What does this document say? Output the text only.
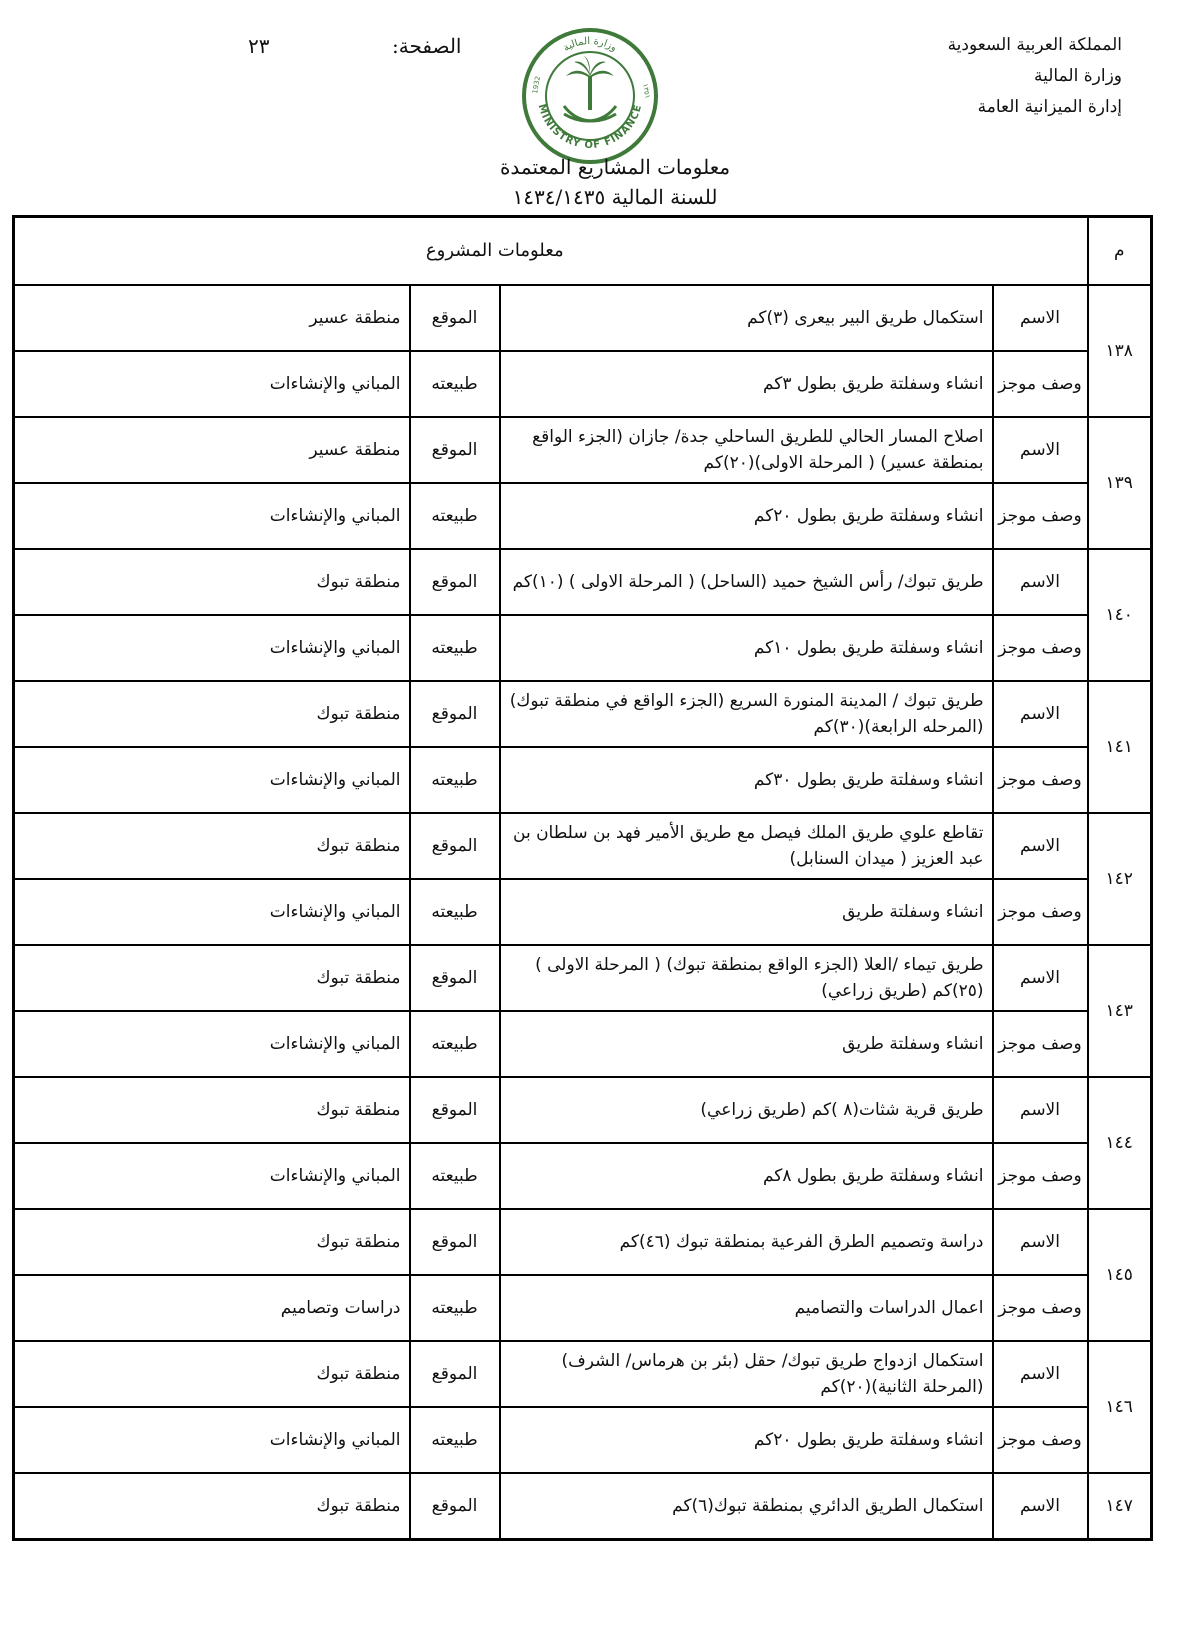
المملكة العربية السعودية
وزارة المالية
إدارة الميزانية العامة
الصفحة:
٢٣
MINISTRY OF FINANCE
وزارة المالية
1932	١٣٥١
معلومات المشاريع المعتمدة
للسنة المالية ١٤٣٤/١٤٣٥
م	معلومات المشروع			
١٣٨	الاسم	استكمال طريق البير بيعرى (٣)كم	الموقع	منطقة عسير
	وصف موجز	انشاء وسفلتة طريق بطول ٣كم	طبيعته	المباني والإنشاءات
١٣٩	الاسم	اصلاح المسار الحالي للطريق الساحلي جدة/ جازان (الجزء الواقع بمنطقة عسير) ( المرحلة الاولى)(٢٠)كم	الموقع	منطقة عسير
	وصف موجز	انشاء وسفلتة طريق بطول ٢٠كم	طبيعته	المباني والإنشاءات
١٤٠	الاسم	طريق تبوك/ رأس الشيخ حميد (الساحل) ( المرحلة الاولى ) (١٠)كم	الموقع	منطقة تبوك
	وصف موجز	انشاء وسفلتة طريق بطول ١٠كم	طبيعته	المباني والإنشاءات
١٤١	الاسم	طريق تبوك / المدينة المنورة السريع (الجزء الواقع في منطقة تبوك) (المرحله الرابعة)(٣٠)كم	الموقع	منطقة تبوك
	وصف موجز	انشاء وسفلتة طريق بطول ٣٠كم	طبيعته	المباني والإنشاءات
١٤٢	الاسم	تقاطع علوي طريق الملك فيصل مع طريق الأمير فهد بن سلطان بن عبد العزيز ( ميدان السنابل)	الموقع	منطقة تبوك
	وصف موجز	انشاء وسفلتة طريق	طبيعته	المباني والإنشاءات
١٤٣	الاسم	طريق تيماء /العلا (الجزء الواقع بمنطقة تبوك) ( المرحلة الاولى )(٢٥)كم (طريق زراعي)	الموقع	منطقة تبوك
	وصف موجز	انشاء وسفلتة طريق	طبيعته	المباني والإنشاءات
١٤٤	الاسم	طريق قرية شثات(٨ )كم (طريق زراعي)	الموقع	منطقة تبوك
	وصف موجز	انشاء وسفلتة طريق بطول ٨كم	طبيعته	المباني والإنشاءات
١٤٥	الاسم	دراسة وتصميم الطرق الفرعية بمنطقة تبوك (٤٦)كم	الموقع	منطقة تبوك
	وصف موجز	اعمال الدراسات والتصاميم	طبيعته	دراسات وتصاميم
١٤٦	الاسم	استكمال ازدواج طريق تبوك/ حقل (بئر بن هرماس/ الشرف) (المرحلة الثانية)(٢٠)كم	الموقع	منطقة تبوك
	وصف موجز	انشاء وسفلتة طريق بطول ٢٠كم	طبيعته	المباني والإنشاءات
١٤٧	الاسم	استكمال الطريق الدائري بمنطقة تبوك(٦)كم	الموقع	منطقة تبوك
